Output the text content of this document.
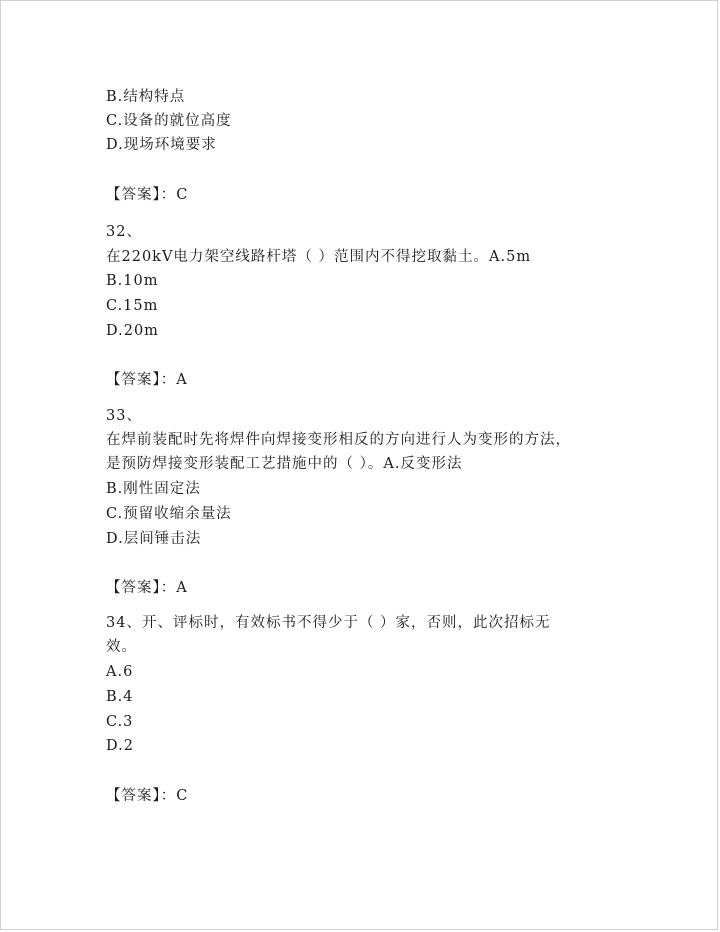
B.结构特点
C.设备的就位高度
D.现场环境要求
【答案】：C
32、
在220kV电力架空线路杆塔（ ）范围内不得挖取黏土。A.5m
B.10m
C.15m
D.20m
【答案】：A
33、
在焊前装配时先将焊件向焊接变形相反的方向进行人为变形的方法，
是预防焊接变形装配工艺措施中的（ ）。A.反变形法
B.刚性固定法
C.预留收缩余量法
D.层间锤击法
【答案】：A
34、开、评标时，有效标书不得少于（ ）家，否则，此次招标无
效。
A.6
B.4
C.3
D.2
【答案】：C
